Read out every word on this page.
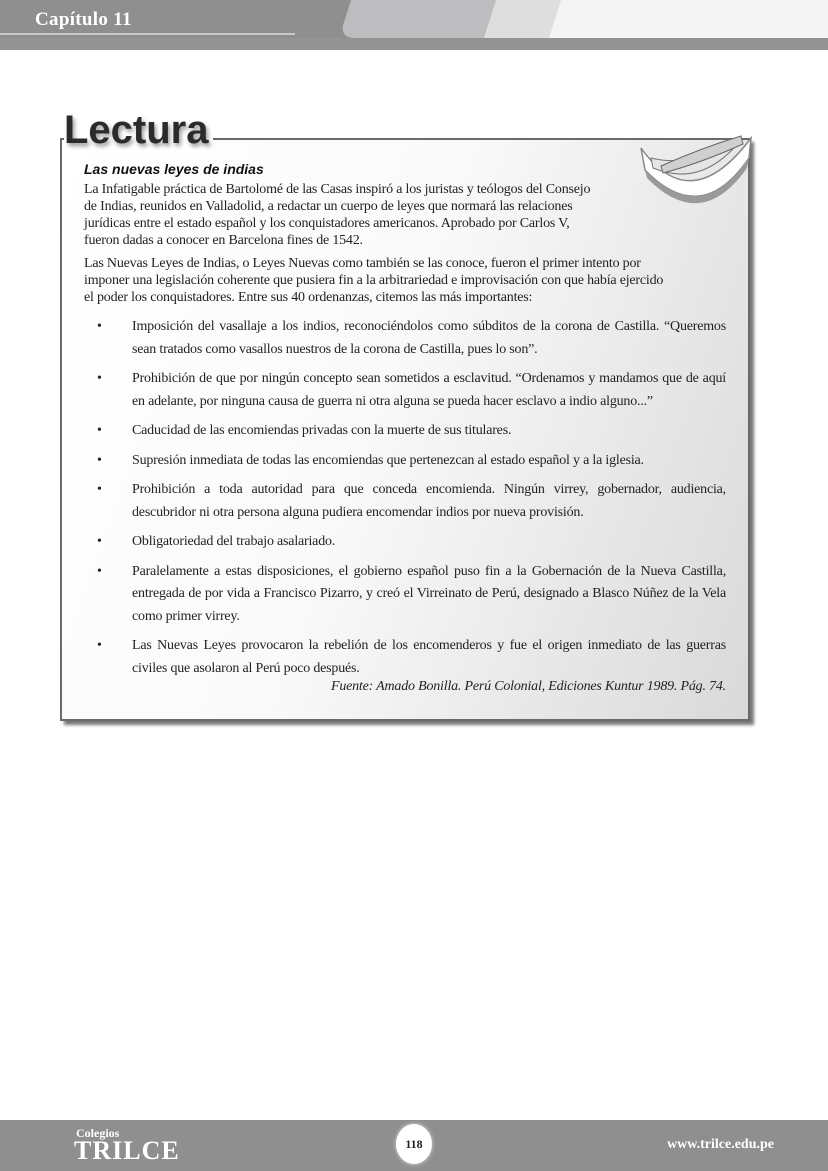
Capítulo 11
Lectura
Las nuevas leyes de indias
La Infatigable práctica de Bartolomé de las Casas inspiró a los juristas y teólogos del Consejo
de Indias, reunidos en Valladolid, a redactar un cuerpo de leyes que normará las relaciones
jurídicas entre el estado español y los conquistadores americanos. Aprobado por Carlos V,
fueron dadas a conocer en Barcelona fines de 1542.
Las Nuevas Leyes de Indias, o Leyes Nuevas como también se las conoce, fueron el primer intento por
imponer una legislación coherente que pusiera fin a la arbitrariedad e improvisación con que había ejercido
el poder los conquistadores. Entre sus 40 ordenanzas, citemos las más importantes:
• Imposición del vasallaje a los indios, reconociéndolos como súbditos de la corona de Castilla. “Queremos sean tratados como vasallos nuestros de la corona de Castilla, pues lo son”.
• Prohibición de que por ningún concepto sean sometidos a esclavitud. “Ordenamos y mandamos que de aquí en adelante, por ninguna causa de guerra ni otra alguna se pueda hacer esclavo a indio alguno...”
• Caducidad de las encomiendas privadas con la muerte de sus titulares.
• Supresión inmediata de todas las encomiendas que pertenezcan al estado español y a la iglesia.
• Prohibición a toda autoridad para que conceda encomienda. Ningún virrey, gobernador, audiencia, descubridor ni otra persona alguna pudiera encomendar indios por nueva provisión.
• Obligatoriedad del trabajo asalariado.
• Paralelamente a estas disposiciones, el gobierno español puso fin a la Gobernación de la Nueva Castilla, entregada de por vida a Francisco Pizarro, y creó el Virreinato de Perú, designado a Blasco Núñez de la Vela como primer virrey.
• Las Nuevas Leyes provocaron la rebelión de los encomenderos y fue el origen inmediato de las guerras civiles que asolaron al Perú poco después.
Fuente: Amado Bonilla. Perú Colonial, Ediciones Kuntur 1989. Pág. 74.
Colegios
TRILCE	118	www.trilce.edu.pe
